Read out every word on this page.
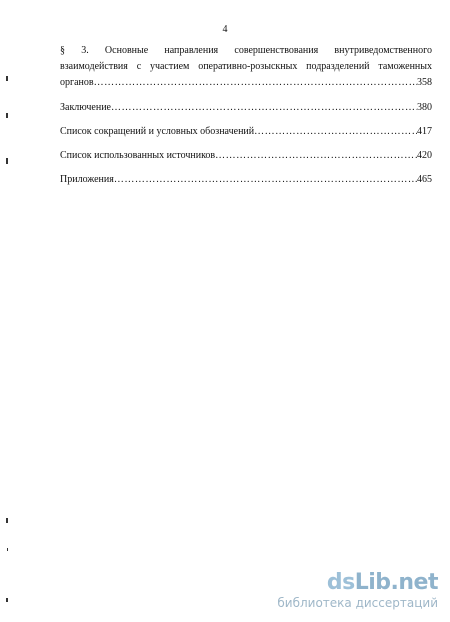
4
§ 3. Основные направления совершенствования внутриведомственного
взаимодействия с участием оперативно-розыскных подразделений таможенных
органов ……………………………………………………………………………………………………………………………………………	358
Заключение ……………………………………………………………………………………………………………………………………………	380
Список сокращений и условных обозначений ……………………………………………………………………………………………………………………………………………	417
Список использованных источников ……………………………………………………………………………………………………………………………………………	420
Приложения ……………………………………………………………………………………………………………………………………………	465
dsLib.net
библиотека диссертаций
